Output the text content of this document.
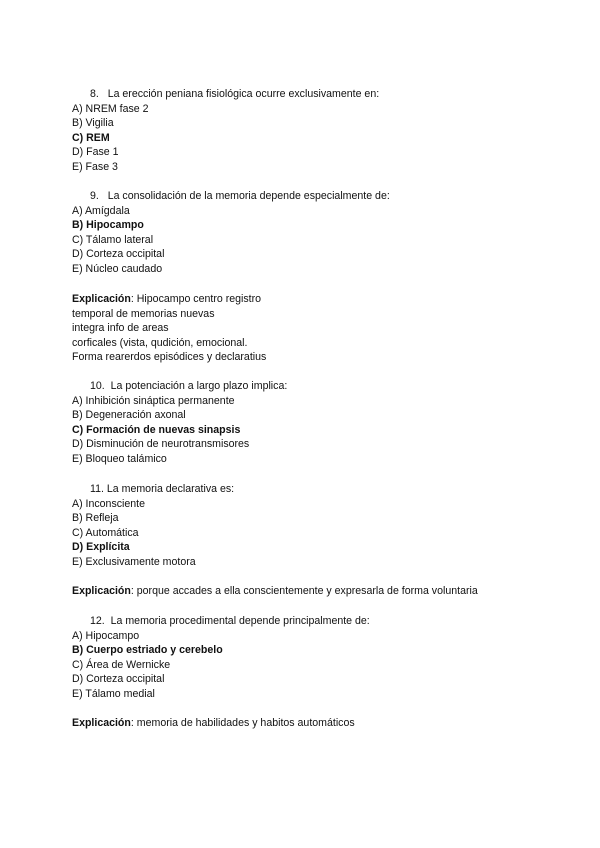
8. La erección peniana fisiológica ocurre exclusivamente en:
A) NREM fase 2
B) Vigilia
C) REM
D) Fase 1
E) Fase 3
9. La consolidación de la memoria depende especialmente de:
A) Amígdala
B) Hipocampo
C) Tálamo lateral
D) Corteza occipital
E) Núcleo caudado
Explicación: Hipocampo centro registro
temporal de memorias nuevas
integra info de areas
corficales (vista, qudición, emocional.
Forma rearerdos episódices y declaratius
10. La potenciación a largo plazo implica:
A) Inhibición sináptica permanente
B) Degeneración axonal
C) Formación de nuevas sinapsis
D) Disminución de neurotransmisores
E) Bloqueo talámico
11. La memoria declarativa es:
A) Inconsciente
B) Refleja
C) Automática
D) Explícita
E) Exclusivamente motora
Explicación: porque accades a ella conscientemente y expresarla de forma voluntaria
12. La memoria procedimental depende principalmente de:
A) Hipocampo
B) Cuerpo estriado y cerebelo
C) Área de Wernicke
D) Corteza occipital
E) Tálamo medial
Explicación: memoria de habilidades y habitos automáticos
